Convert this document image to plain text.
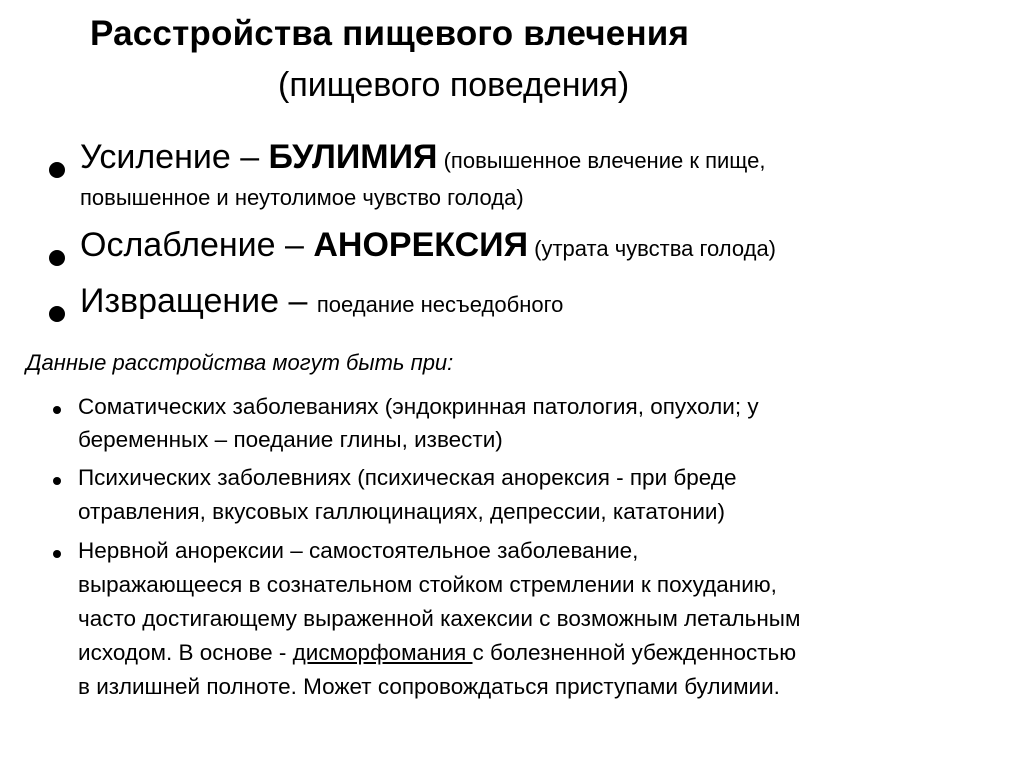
Расстройства пищевого влечения
(пищевого поведения)
Усиление – БУЛИМИЯ (повышенное влечение к пище,
повышенное и неутолимое чувство голода)
Ослабление – АНОРЕКСИЯ (утрата чувства голода)
Извращение – поедание несъедобного
Данные расстройства могут быть при:
Соматических заболеваниях (эндокринная патология, опухоли; у
беременных – поедание глины, извести)
Психических заболевниях (психическая анорексия - при бреде
отравления, вкусовых галлюцинациях, депрессии, кататонии)
Нервной анорексии – самостоятельное заболевание,
выражающееся в сознательном стойком стремлении к похуданию,
часто достигающему выраженной кахексии с возможным летальным
исходом. В основе - дисморфомания с болезненной убежденностью
в излишней полноте. Может сопровождаться приступами булимии.
